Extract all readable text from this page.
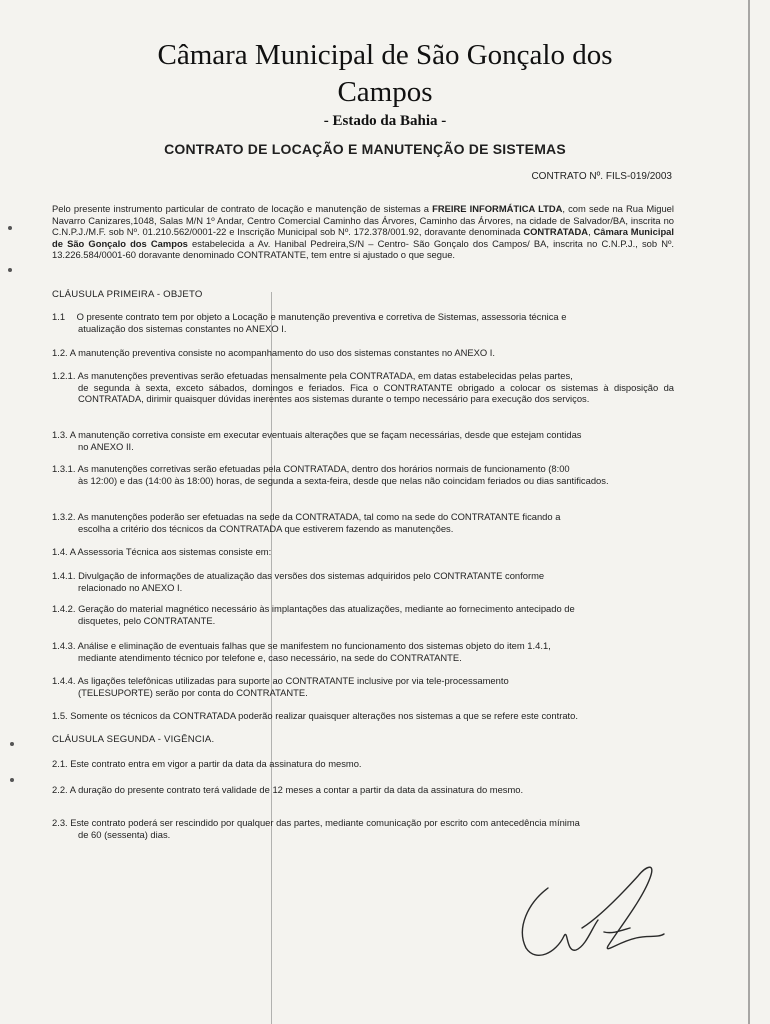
Câmara Municipal de São Gonçalo dos
Campos
- Estado da Bahia -
CONTRATO DE LOCAÇÃO E MANUTENÇÃO DE SISTEMAS
CONTRATO Nº. FILS-019/2003
Pelo presente instrumento particular de contrato de locação e manutenção de sistemas a FREIRE INFORMÁTICA LTDA, com sede na Rua Miguel Navarro Canizares,1048, Salas M/N 1º Andar, Centro Comercial Caminho das Árvores, Caminho das Árvores, na cidade de Salvador/BA, inscrita no C.N.P.J./M.F. sob Nº. 01.210.562/0001-22 e Inscrição Municipal sob Nº. 172.378/001.92, doravante denominada CONTRATADA, Câmara Municipal de São Gonçalo dos Campos estabelecida a Av. Hanibal Pedreira,S/N – Centro- São Gonçalo dos Campos/ BA, inscrita no C.N.P.J., sob Nº. 13.226.584/0001-60 doravante denominado CONTRATANTE, tem entre si ajustado o que segue.
CLÁUSULA PRIMEIRA - OBJETO
1.1 O presente contrato tem por objeto a Locação e manutenção preventiva e corretiva de Sistemas, assessoria técnica e
atualização dos sistemas constantes no ANEXO I.
1.2. A manutenção preventiva consiste no acompanhamento do uso dos sistemas constantes no ANEXO I.
1.2.1. As manutenções preventivas serão efetuadas mensalmente pela CONTRATADA, em datas estabelecidas pelas partes,
de segunda à sexta, exceto sábados, domingos e feriados. Fica o CONTRATANTE obrigado a colocar os sistemas à disposição da CONTRATADA, dirimir quaisquer dúvidas inerentes aos sistemas durante o tempo necessário para execução dos serviços.
1.3. A manutenção corretiva consiste em executar eventuais alterações que se façam necessárias, desde que estejam contidas
no ANEXO II.
1.3.1. As manutenções corretivas serão efetuadas pela CONTRATADA, dentro dos horários normais de funcionamento (8:00
às 12:00) e das (14:00 às 18:00) horas, de segunda a sexta-feira, desde que nelas não coincidam feriados ou dias santificados.
1.3.2. As manutenções poderão ser efetuadas na sede da CONTRATADA, tal como na sede do CONTRATANTE ficando a
escolha a critério dos técnicos da CONTRATADA que estiverem fazendo as manutenções.
1.4. A Assessoria Técnica aos sistemas consiste em:
1.4.1. Divulgação de informações de atualização das versões dos sistemas adquiridos pelo CONTRATANTE conforme
relacionado no ANEXO I.
1.4.2. Geração do material magnético necessário às implantações das atualizações, mediante ao fornecimento antecipado de
disquetes, pelo CONTRATANTE.
1.4.3. Análise e eliminação de eventuais falhas que se manifestem no funcionamento dos sistemas objeto do item 1.4.1,
mediante atendimento técnico por telefone e, caso necessário, na sede do CONTRATANTE.
1.4.4. As ligações telefônicas utilizadas para suporte ao CONTRATANTE inclusive por via tele-processamento
(TELESUPORTE) serão por conta do CONTRATANTE.
1.5. Somente os técnicos da CONTRATADA poderão realizar quaisquer alterações nos sistemas a que se refere este contrato.
CLÁUSULA SEGUNDA - VIGÊNCIA.
2.1. Este contrato entra em vigor a partir da data da assinatura do mesmo.
2.2. A duração do presente contrato terá validade de 12 meses a contar a partir da data da assinatura do mesmo.
2.3. Este contrato poderá ser rescindido por qualquer das partes, mediante comunicação por escrito com antecedência mínima
de 60 (sessenta) dias.
